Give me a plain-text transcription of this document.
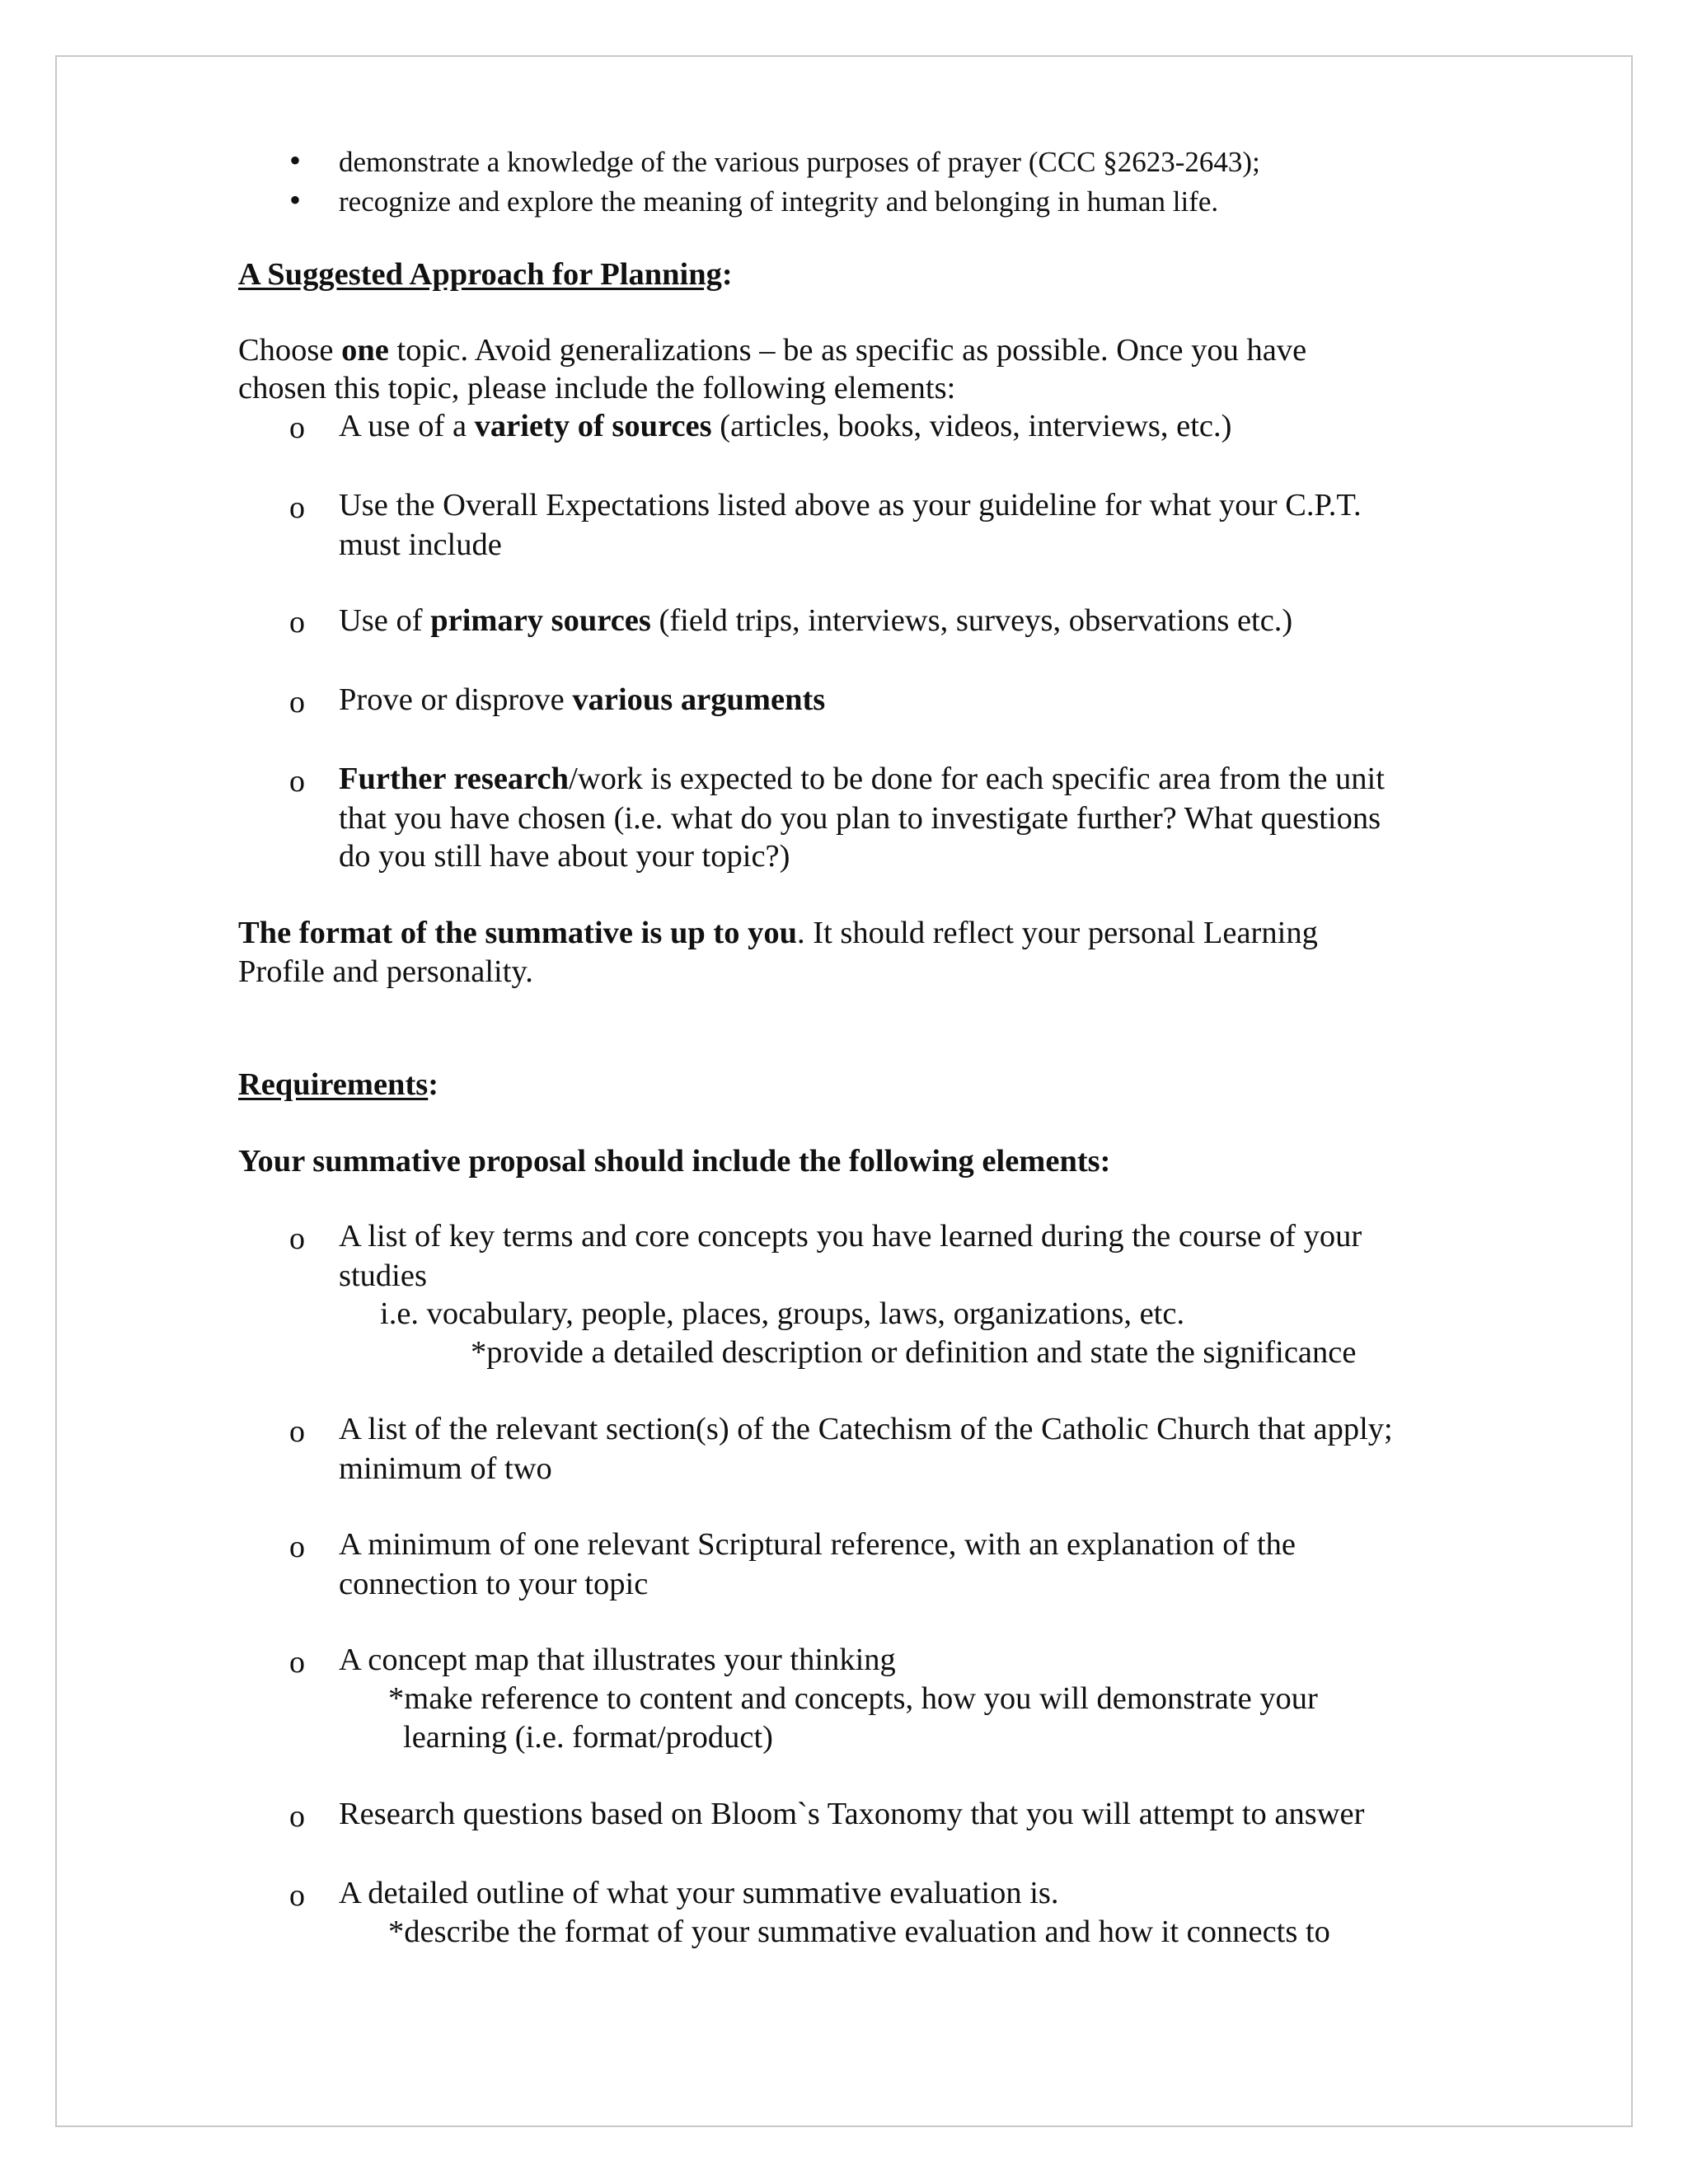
• demonstrate a knowledge of the various purposes of prayer (CCC §2623-2643);

• recognize and explore the meaning of integrity and belonging in human life.

A Suggested Approach for Planning:

Choose one topic. Avoid generalizations – be as specific as possible. Once you have

chosen this topic, please include the following elements:

o A use of a variety of sources (articles, books, videos, interviews, etc.)

o Use the Overall Expectations listed above as your guideline for what your C.P.T.

must include

o Use of primary sources (field trips, interviews, surveys, observations etc.)

o Prove or disprove various arguments

o Further research/work is expected to be done for each specific area from the unit

that you have chosen (i.e. what do you plan to investigate further? What questions

do you still have about your topic?)

The format of the summative is up to you. It should reflect your personal Learning

Profile and personality.

Requirements:

Your summative proposal should include the following elements:

o A list of key terms and core concepts you have learned during the course of your

studies

i.e. vocabulary, people, places, groups, laws, organizations, etc.

*provide a detailed description or definition and state the significance

o A list of the relevant section(s) of the Catechism of the Catholic Church that apply;

minimum of two

o A minimum of one relevant Scriptural reference, with an explanation of the

connection to your topic

o A concept map that illustrates your thinking

*make reference to content and concepts, how you will demonstrate your

learning (i.e. format/product)

o Research questions based on Bloom`s Taxonomy that you will attempt to answer

o A detailed outline of what your summative evaluation is.

*describe the format of your summative evaluation and how it connects to
